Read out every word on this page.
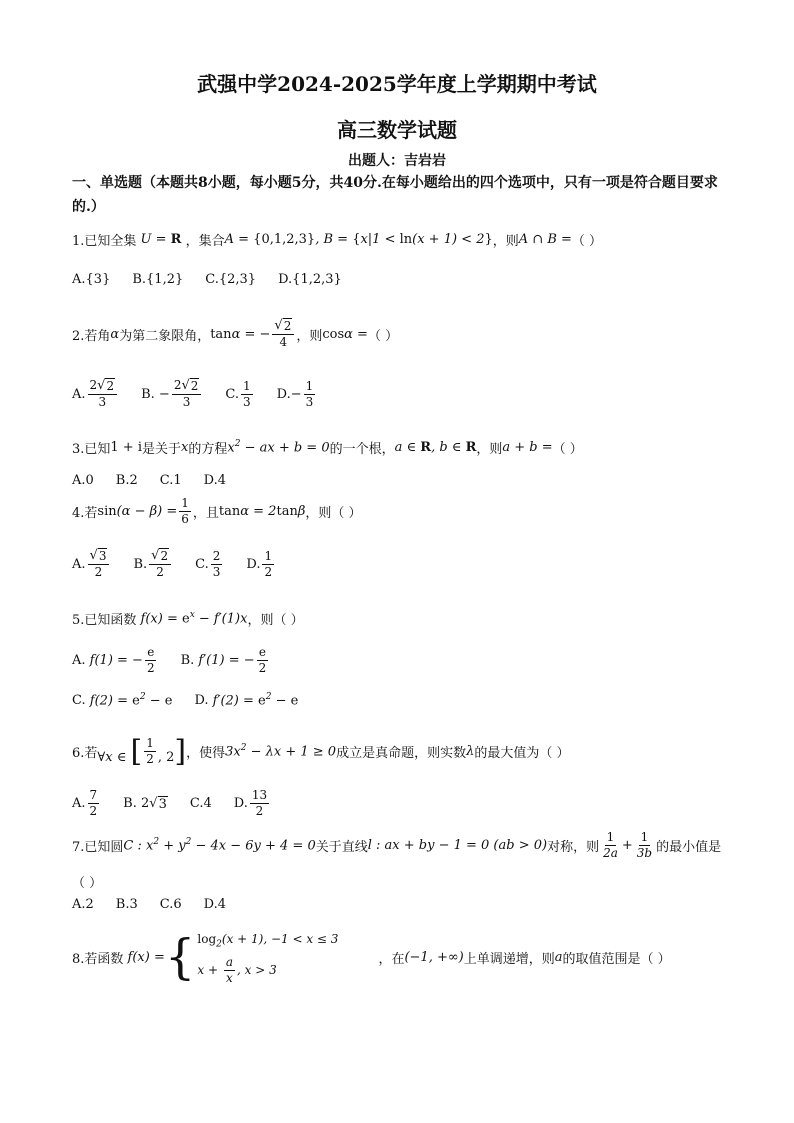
武强中学2024-2025学年度上学期期中考试
高三数学试题
出题人：吉岩岩
一、单选题（本题共8小题，每小题5分，共40分.在每小题给出的四个选项中，只有一项是符合题目要求的.）
1.已知全集 U = R ，集合 A = {0,1,2,3}, B = {x|1 < ln(x + 1) < 2} ，则 A ∩ B = （ ）
A.{3} B.{1,2} C.{2,3} D.{1,2,3}
2.若角 α 为第二象限角， tanα = − $\frac{√ 2}{4}$ ，则 cosα = （ ）
A. $\frac{2 √ 2}{3} B$. − $\frac{2 √ 2}{3} C$. $\frac{1}{3} D$. − $\frac{1}{3}$
3.已知 1 + i 是关于 x 的方程 $x^2$ − ax + b = 0 的一个根， a ∈ R, b ∈ R ，则 a + b = （ ）
A.0 B.2 C.1 D.4
4.若 $\sin(\alpha - \beta) = \frac{1}{6}$ ，且 tanα = 2tanβ ，则（ ）
A. $\frac{√ 3}{2} B$. $\frac{√ 2}{2} C$. $\frac{2}{3} D$. $\frac{1}{2}$
5.已知函数 $f(x) = e^x - f'(1)x$ ，则（ ）
A. f(1) = − $\frac{e}{2} B$. f′(1) = − $\frac{e}{2}$
C. $f(2) = e^2 - e$ D. $f'(2) = e^2 - e$
6.若 ∀x ∈ [ $\frac{1}{2}$ , 2] ，使得 $3x^2 - \lambda x + 1 \ge 0$ 成立是真命题，则实数 λ 的最大值为（ ）
A. $\frac{7}{2} B$. 2 √ 3 C.4 D. $\frac{13}{2}$
7.已知圆 C : $x^2 + y^2 - 4x - 6y + 4 = 0$ 关于直线 l : ax + by − 1 = 0 (ab > 0) 对称，则 $\frac{1}{2a} + \frac{1}{3b}$ 的最小值是
（ ）
A.2 B.3 C.6 D.4
8.若函数 f(x) = { $\log_2(x + 1)$, −1 < x ≤ 3
$x + \frac{a}{x}$ , x > 3
，在 (−1, +∞) 上单调递增，则 a 的取值范围是（ ）
